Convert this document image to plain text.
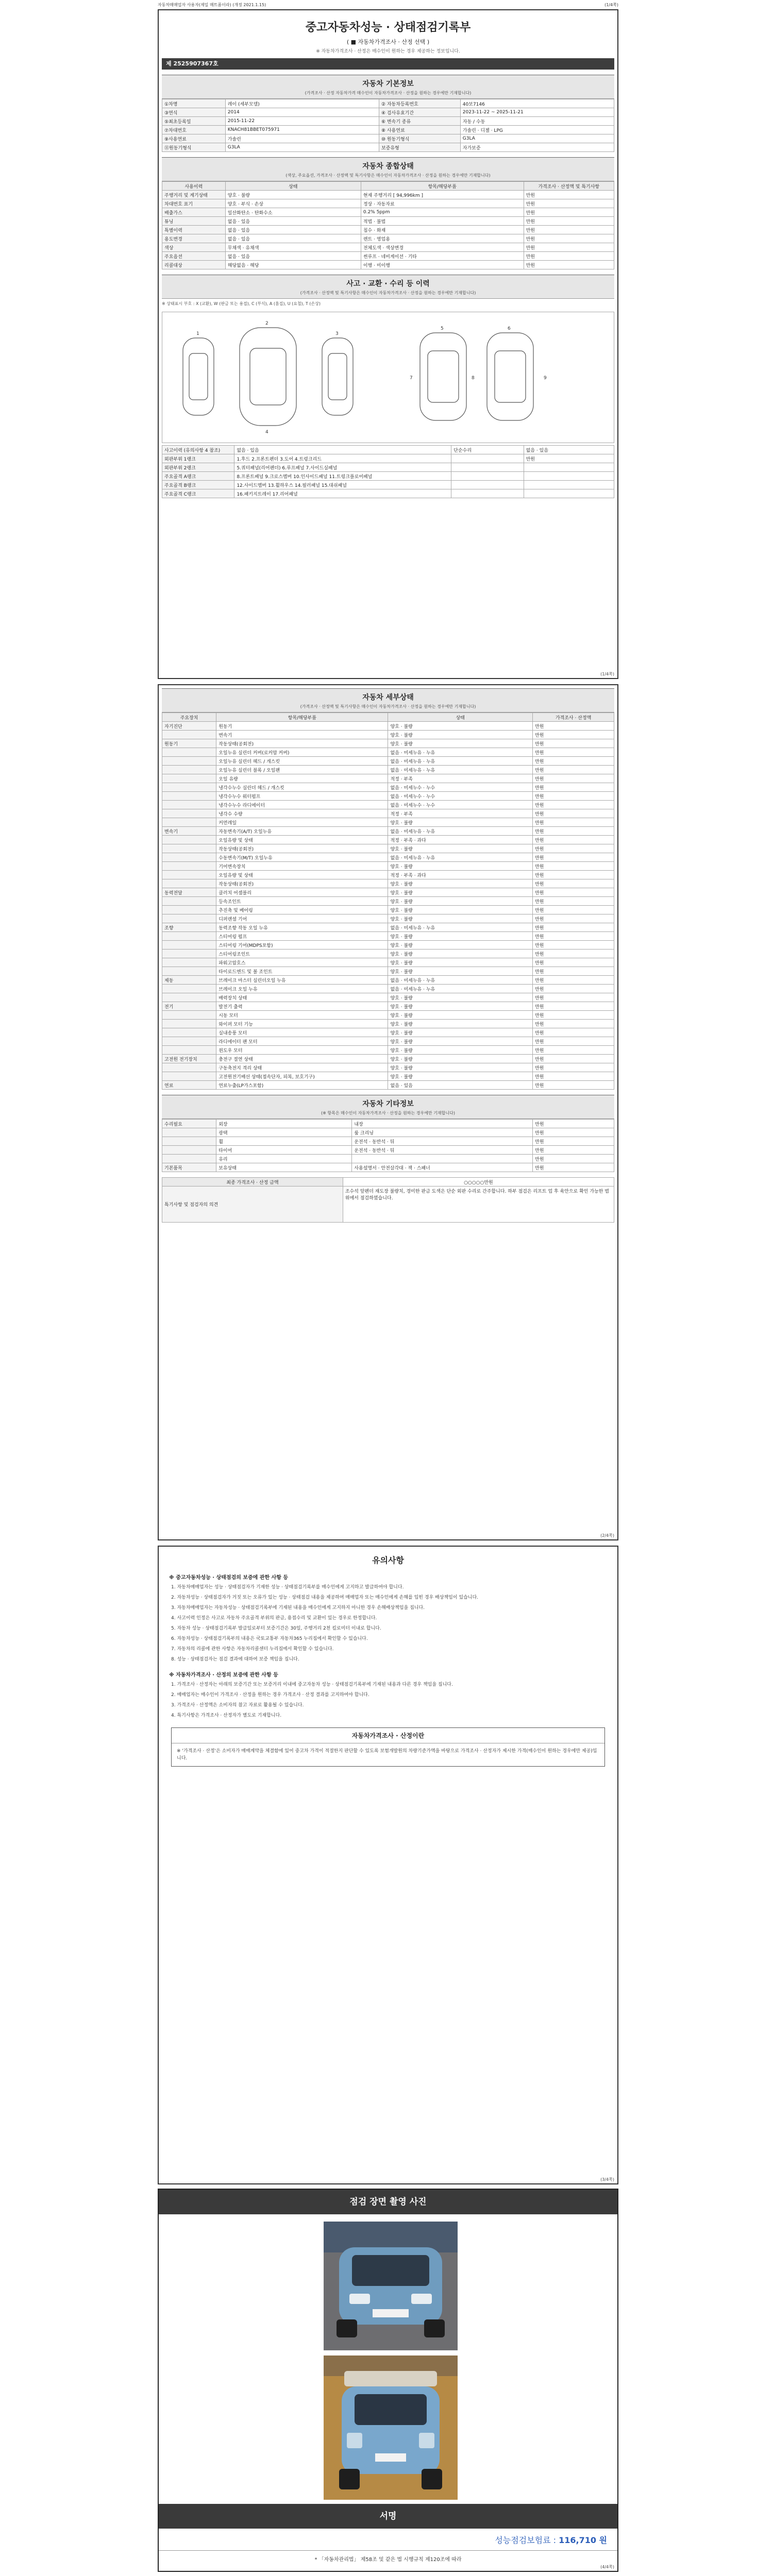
자동차매매업자 사용자(제일 매트폼이라) (개정 2021.1.15)	(1/4쪽)
중고자동차성능 · 상태점검기록부
( ■ 자동차가격조사 · 산정 선택 )
※ 자동차가격조사 · 산정은 매수인이 원하는 경우 제공하는 정보입니다.
제 2525907367호
자동차 기본정보
(가격조사 · 산정 자동차가격 매수인이 자동차가격조사 · 산정을 원하는 경우에만 기재합니다)
①차명	레이 (세부모델)	② 자동차등록번호	40보7146
③연식	2014	④ 검사유효기간	2023-11-22 ~ 2025-11-21
⑤최초등록일	2015-11-22	⑥ 변속기 종류	자동 / 수동
⑦차대번호	KNACH81BBET075971	⑧ 사용연료	가솔린 · 디젤 · LPG
⑨사용연료	가솔린	⑩ 원동기형식	G3LA
⑪원동기형식	G3LA	보증유형	자가보증
자동차 종합상태
(색상, 주요옵션, 가격조사 · 산정액 및 특기사항은 매수인이 자동차가격조사 · 산정을 원하는 경우에만 기재합니다)
사용이력	상태	항목/해당부품	가격조사 · 산정액 및 특기사항
주행거리 및 계기상태	양호 · 불량	현재 주행거리 [ 94,996km ]	만원
차대번호 표기	양호 · 부식 · 손상	정상 · 자동자료	만원
배출가스	일산화탄소 · 탄화수소	0.2% 5ppm	만원
튜닝	없음 · 있음	적법 · 불법	만원
특별이력	없음 · 있음	침수 · 화재	만원
용도변경	없음 · 있음	렌트 · 영업용	만원
색상	무채색 · 유채색	전체도색 · 색상변경	만원
주요옵션	없음 · 있음	썬루프 · 네비게이션 · 기타	만원
리콜대상	해당없음 · 해당	이행 · 미이행	만원
사고 · 교환 · 수리 등 이력
(가격조사 · 산정액 및 특기사항은 매수인이 자동차가격조사 · 산정을 원하는 경우에만 기재합니다)
※ 상태표시 부호 : X (교환), W (판금 또는 용접), C (부식), A (흠집), U (요철), T (손상)
1
2
3
4
5	6
7	8	9
사고이력 (유의사항 4 참조)	없음 · 있음	단순수리	없음 · 있음
외판부위 1랭크	1.후드 2.프론트펜더 3.도어 4.트렁크리드		만원
외판부위 2랭크	5.쿼터패널(리어펜더) 6.루프패널 7.사이드실패널		
주요골격 A랭크	8.프론트패널 9.크로스멤버 10.인사이드패널 11.트렁크플로어패널		
주요골격 B랭크	12.사이드멤버 13.휠하우스 14.필러패널 15.대쉬패널		
주요골격 C랭크	16.패키지트레이 17.리어패널		
(1/4쪽)
자동차 세부상태
(가격조사 · 산정액 및 특기사항은 매수인이 자동차가격조사 · 산정을 원하는 경우에만 기재합니다)
주요장치	항목/해당부품	상태	가격조사 · 산정액
자기진단	원동기	양호 · 불량	만원
	변속기	양호 · 불량	만원
원동기	작동상태(공회전)	양호 · 불량	만원
	오일누유 실린더 커버(로커암 커버)	없음 · 미세누유 · 누유	만원
	오일누유 실린더 헤드 / 개스킷	없음 · 미세누유 · 누유	만원
	오일누유 실린더 블록 / 오일팬	없음 · 미세누유 · 누유	만원
	오일 유량	적정 · 부족	만원
	냉각수누수 실린더 헤드 / 개스킷	없음 · 미세누수 · 누수	만원
	냉각수누수 워터펌프	없음 · 미세누수 · 누수	만원
	냉각수누수 라디에이터	없음 · 미세누수 · 누수	만원
	냉각수 수량	적정 · 부족	만원
	커먼레일	양호 · 불량	만원
변속기	자동변속기(A/T) 오일누유	없음 · 미세누유 · 누유	만원
	오일유량 및 상태	적정 · 부족 · 과다	만원
	작동상태(공회전)	양호 · 불량	만원
	수동변속기(M/T) 오일누유	없음 · 미세누유 · 누유	만원
	기어변속장치	양호 · 불량	만원
	오일유량 및 상태	적정 · 부족 · 과다	만원
	작동상태(공회전)	양호 · 불량	만원
동력전달	클러치 어셈블리	양호 · 불량	만원
	등속조인트	양호 · 불량	만원
	추진축 및 베어링	양호 · 불량	만원
	디퍼렌셜 기어	양호 · 불량	만원
조향	동력조향 작동 오일 누유	없음 · 미세누유 · 누유	만원
	스티어링 펌프	양호 · 불량	만원
	스티어링 기어(MDPS포함)	양호 · 불량	만원
	스티어링조인트	양호 · 불량	만원
	파워고압호스	양호 · 불량	만원
	타이로드엔드 및 볼 조인트	양호 · 불량	만원
제동	브레이크 마스터 실린더오일 누유	없음 · 미세누유 · 누유	만원
	브레이크 오일 누유	없음 · 미세누유 · 누유	만원
	배력장치 상태	양호 · 불량	만원
전기	발전기 출력	양호 · 불량	만원
	시동 모터	양호 · 불량	만원
	와이퍼 모터 기능	양호 · 불량	만원
	실내송풍 모터	양호 · 불량	만원
	라디에이터 팬 모터	양호 · 불량	만원
	윈도우 모터	양호 · 불량	만원
고전원 전기장치	충전구 절연 상태	양호 · 불량	만원
	구동축전지 격리 상태	양호 · 불량	만원
	고전원전기배선 상태(접속단자, 피복, 보호기구)	양호 · 불량	만원
연료	연료누출(LP가스포함)	없음 · 있음	만원
자동차 기타정보
(※ 항목은 매수인이 자동차가격조사 · 산정을 원하는 경우에만 기재합니다)
수리필요	외장	내장	만원
	광택	룸 크리닝	만원
	휠	운전석 · 동반석 · 뒤	만원
	타이어	운전석 · 동반석 · 뒤	만원
	유리		만원
기본품목	보유상태	사용설명서 · 안전삼각대 · 잭 · 스패너	만원
최종 가격조사 · 산정 금액	○○○○○만원
특기사항 및 점검자의 의견	조수석 앞펜더 재도장 불량치, 경미한 판금 도색은 단순 외판 수리로 간주합니다. 하부 점검은 리프트 업 후 육안으로 확인 가능한 범위에서 점검하였습니다.
(2/4쪽)
유의사항
※ 중고자동차성능 · 상태점검의 보증에 관한 사항 등
1. 자동차매매업자는 성능 · 상태점검자가 기재한 성능 · 상태점검기록부를 매수인에게 고지하고 발급하여야 합니다.
2. 자동차성능 · 상태점검자가 거짓 또는 오류가 있는 성능 · 상태점검 내용을 제공하여 매매업자 또는 매수인에게 손해를 입힌 경우 배상책임이 있습니다.
3. 자동차매매업자는 자동차성능 · 상태점검기록부에 기재된 내용을 매수인에게 고지하지 아니한 경우 손해배상책임을 집니다.
4. 사고이력 인정은 사고로 자동차 주요골격 부위의 판금, 용접수리 및 교환이 있는 경우로 한정합니다.
5. 자동차 성능 · 상태점검기록부 발급일로부터 보증기간은 30일, 주행거리 2천 킬로미터 이내로 합니다.
6. 자동차성능 · 상태점검기록부의 내용은 국토교통부 자동차365 누리집에서 확인할 수 있습니다.
7. 자동차의 리콜에 관한 사항은 자동차리콜센터 누리집에서 확인할 수 있습니다.
8. 성능 · 상태점검자는 점검 결과에 대하여 보증 책임을 집니다.
※ 자동차가격조사 · 산정의 보증에 관한 사항 등
1. 가격조사 · 산정자는 아래의 보증기간 또는 보증거리 이내에 중고자동차 성능 · 상태점검기록부에 기재된 내용과 다른 경우 책임을 집니다.
2. 매매업자는 매수인이 가격조사 · 산정을 원하는 경우 가격조사 · 산정 결과를 고지하여야 합니다.
3. 가격조사 · 산정액은 소비자의 참고 자료로 활용될 수 있습니다.
4. 특기사항은 가격조사 · 산정자가 별도로 기재합니다.
자동차가격조사 · 산정이란
※ '가격조사 · 산정'은 소비자가 매매계약을 체결함에 있어 중고차 가격이 적절한지 판단할 수 있도록 보험개발원의 차량기준가액을 바탕으로 가격조사 · 산정자가 제시한 가격(매수인이 원하는 경우에만 제공)입니다.
(3/4쪽)
점검 장면 촬영 사진
서명
성능점검보험료 : 116,710 원
* 「자동차관리법」 제58조 및 같은 법 시행규칙 제120조에 따라
(4/4쪽)
